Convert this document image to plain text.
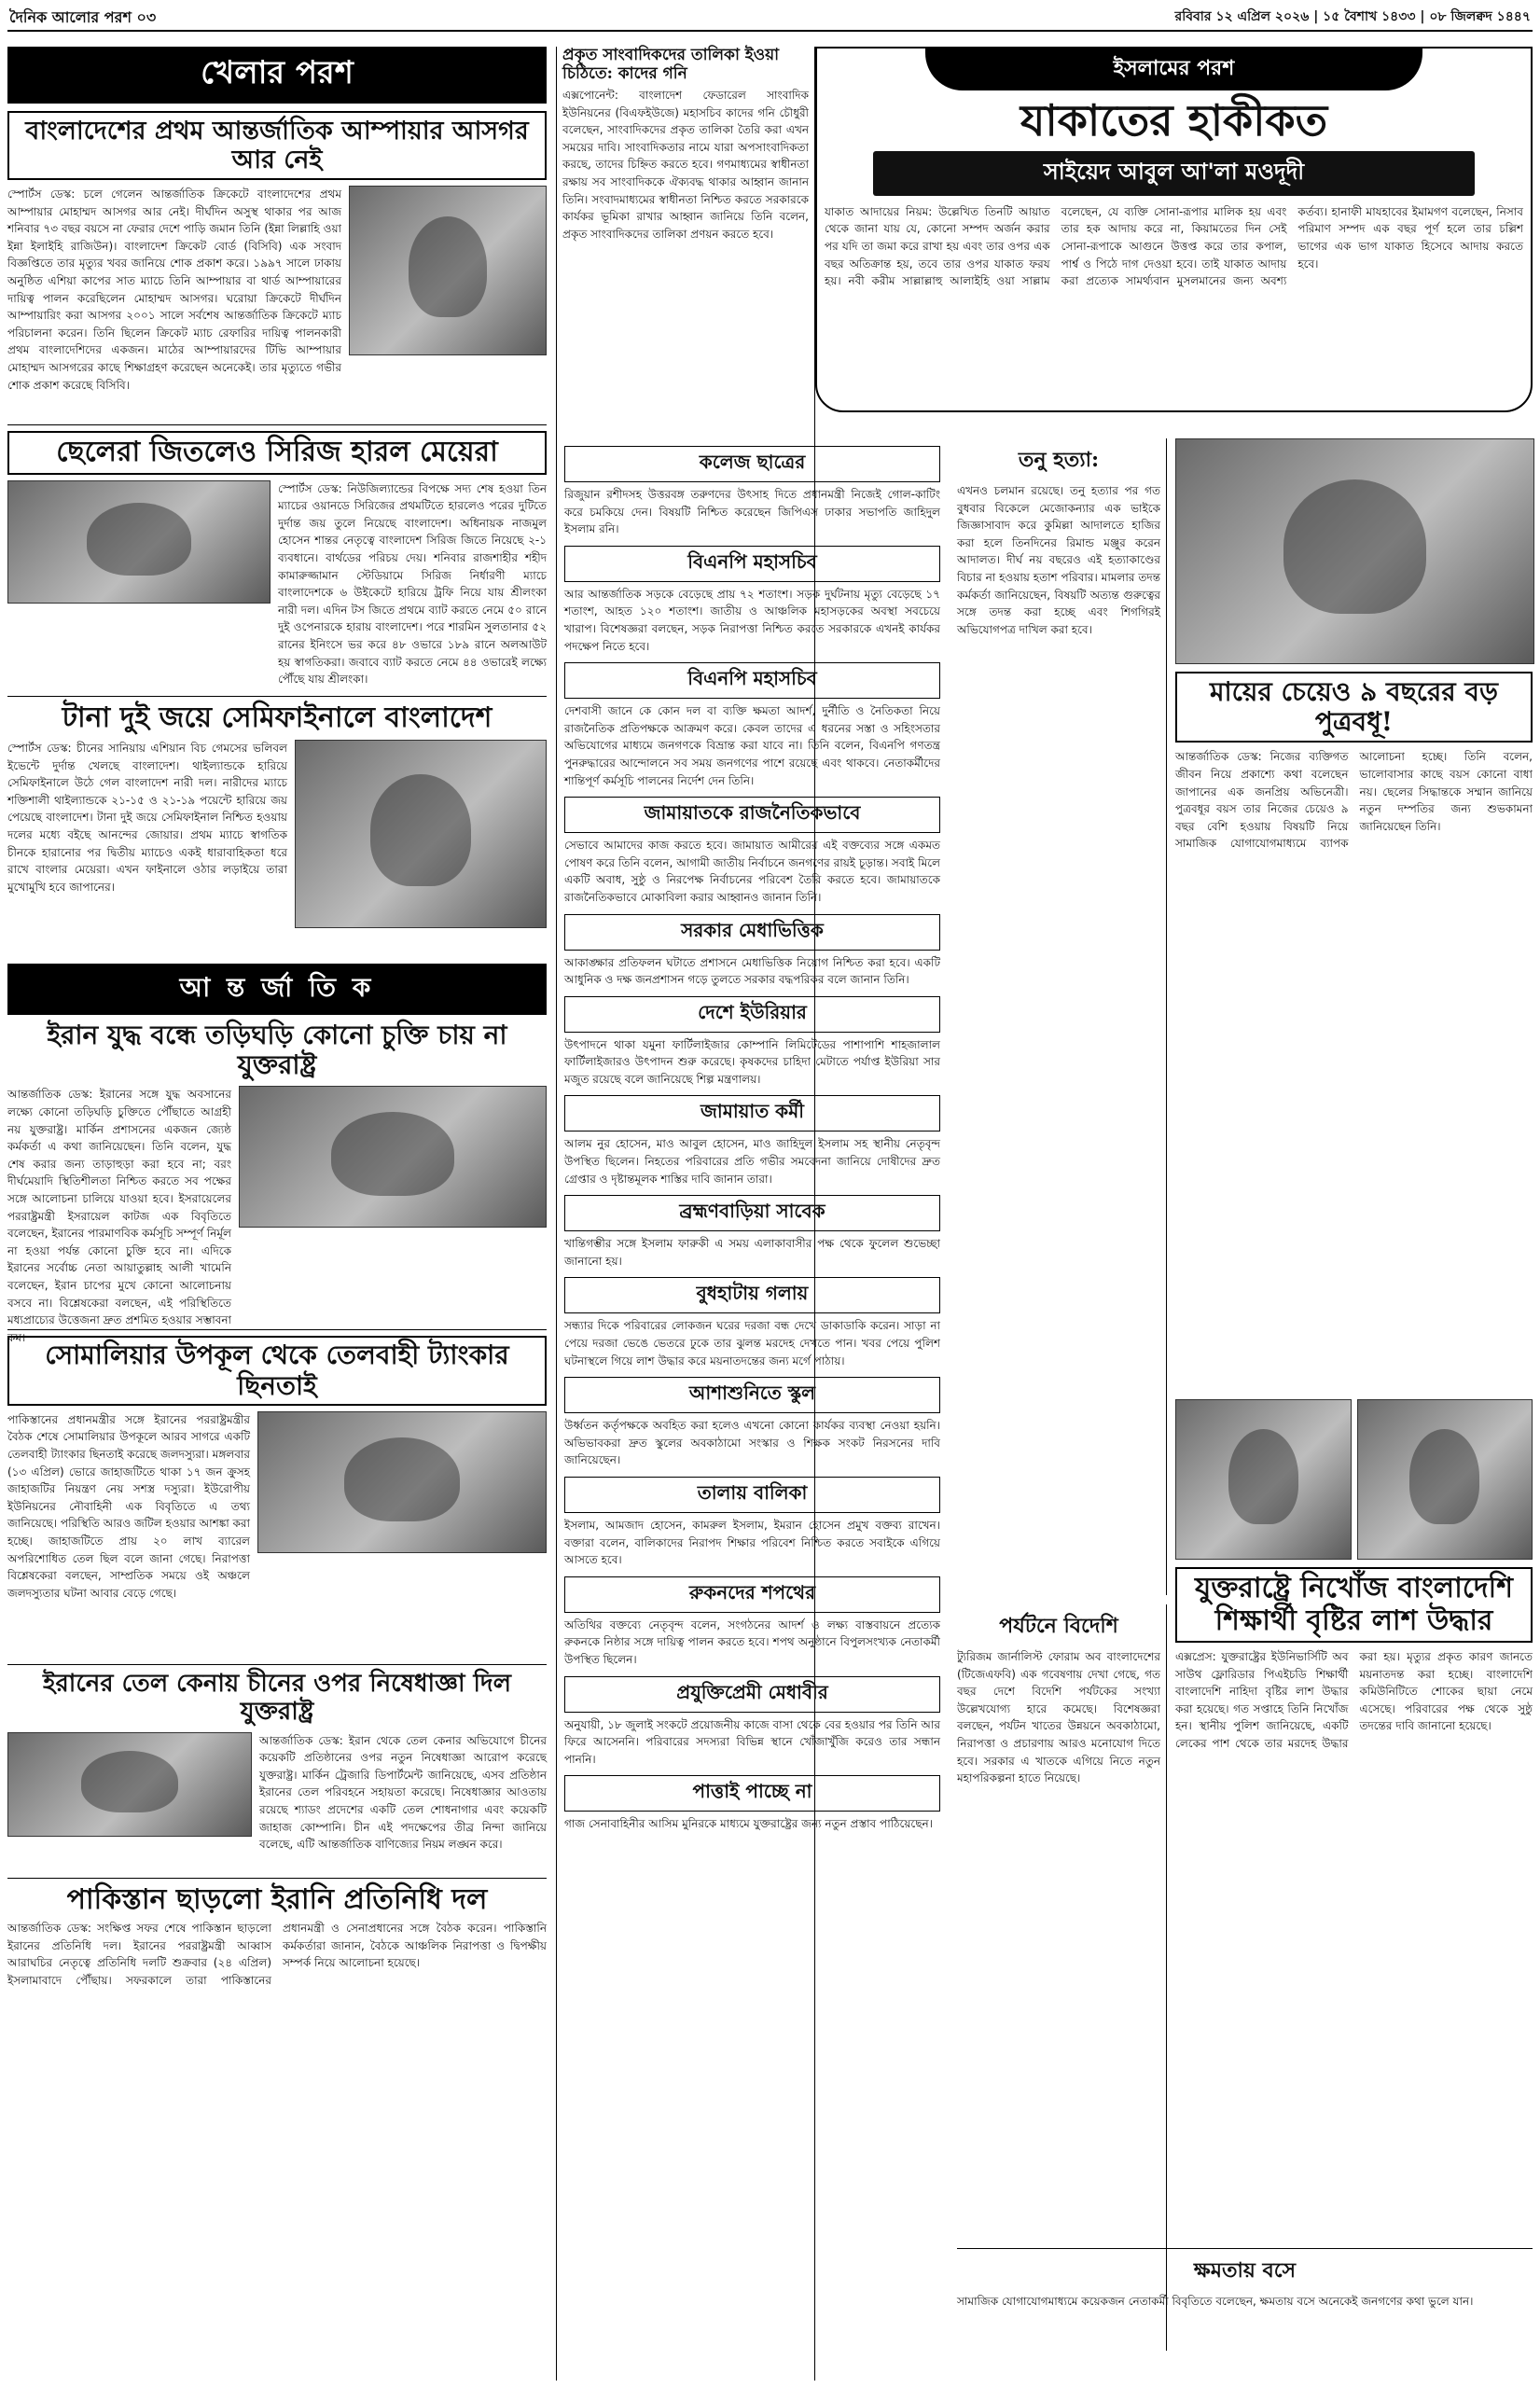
দৈনিক আলোর পরশ ০৩	রবিবার ১২ এপ্রিল ২০২৬ | ১৫ বৈশাখ ১৪৩৩ | ০৮ জিলক্বদ ১৪৪৭
খেলার পরশ
বাংলাদেশের প্রথম আন্তর্জাতিক আম্পায়ার আসগর আর নেই
স্পোর্টস ডেস্ক: চলে গেলেন আন্তর্জাতিক ক্রিকেটে বাংলাদেশের প্রথম আম্পায়ার মোহাম্মদ আসগর আর নেই। দীর্ঘদিন অসুস্থ থাকার পর আজ শনিবার ৭৩ বছর বয়সে না ফেরার দেশে পাড়ি জমান তিনি (ইন্না লিল্লাহি ওয়া ইন্না ইলাইহি রাজিউন)। বাংলাদেশ ক্রিকেট বোর্ড (বিসিবি) এক সংবাদ বিজ্ঞপ্তিতে তার মৃত্যুর খবর জানিয়ে শোক প্রকাশ করে। ১৯৯৭ সালে ঢাকায় অনুষ্ঠিত এশিয়া কাপের সাত ম্যাচে তিনি আম্পায়ার বা থার্ড আম্পায়ারের দায়িত্ব পালন করেছিলেন মোহাম্মদ আসগর। ঘরোয়া ক্রিকেটে দীর্ঘদিন আম্পায়ারিং করা আসগর ২০০১ সালে সর্বশেষ আন্তর্জাতিক ক্রিকেটে ম্যাচ পরিচালনা করেন। তিনি ছিলেন ক্রিকেট ম্যাচ রেফারির দায়িত্ব পালনকারী প্রথম বাংলাদেশিদের একজন। মাঠের আম্পায়ারদের টিভি আম্পায়ার মোহাম্মদ আসগরের কাছে শিক্ষাগ্রহণ করেছেন অনেকেই। তার মৃত্যুতে গভীর শোক প্রকাশ করেছে বিসিবি।
ছেলেরা জিতলেও সিরিজ হারল মেয়েরা
স্পোর্টস ডেস্ক: নিউজিল্যান্ডের বিপক্ষে সদ্য শেষ হওয়া তিন ম্যাচের ওয়ানডে সিরিজের প্রথমটিতে হারলেও পরের দুটিতে দুর্দান্ত জয় তুলে নিয়েছে বাংলাদেশ। অধিনায়ক নাজমুল হোসেন শান্তর নেতৃত্বে বাংলাদেশ সিরিজ জিতে নিয়েছে ২-১ ব্যবধানে। বার্থডের পরিচয় দেয়। শনিবার রাজশাহীর শহীদ কামারুজ্জামান স্টেডিয়ামে সিরিজ নির্ধারণী ম্যাচে বাংলাদেশকে ৬ উইকেটে হারিয়ে ট্রফি নিয়ে যায় শ্রীলংকা নারী দল। এদিন টস জিতে প্রথমে ব্যাট করতে নেমে ৫০ রানে দুই ওপেনারকে হারায় বাংলাদেশ। পরে শারমিন সুলতানার ৫২ রানের ইনিংসে ভর করে ৪৮ ওভারে ১৮৯ রানে অলআউট হয় স্বাগতিকরা। জবাবে ব্যাট করতে নেমে ৪৪ ওভারেই লক্ষ্যে পৌঁছে যায় শ্রীলংকা।
টানা দুই জয়ে সেমিফাইনালে বাংলাদেশ
স্পোর্টস ডেস্ক: চীনের সানিয়ায় এশিয়ান বিচ গেমসের ভলিবল ইভেন্টে দুর্দান্ত খেলছে বাংলাদেশ। থাইল্যান্ডকে হারিয়ে সেমিফাইনালে উঠে গেল বাংলাদেশ নারী দল। নারীদের ম্যাচে শক্তিশালী থাইল্যান্ডকে ২১-১৫ ও ২১-১৯ পয়েন্টে হারিয়ে জয় পেয়েছে বাংলাদেশ। টানা দুই জয়ে সেমিফাইনাল নিশ্চিত হওয়ায় দলের মধ্যে বইছে আনন্দের জোয়ার। প্রথম ম্যাচে স্বাগতিক চীনকে হারানোর পর দ্বিতীয় ম্যাচেও একই ধারাবাহিকতা ধরে রাখে বাংলার মেয়েরা। এখন ফাইনালে ওঠার লড়াইয়ে তারা মুখোমুখি হবে জাপানের।
আ ন্ত র্জা তি ক
ইরান যুদ্ধ বন্ধে তড়িঘড়ি কোনো চুক্তি চায় না যুক্তরাষ্ট্র
আন্তর্জাতিক ডেস্ক: ইরানের সঙ্গে যুদ্ধ অবসানের লক্ষ্যে কোনো তড়িঘড়ি চুক্তিতে পৌঁছাতে আগ্রহী নয় যুক্তরাষ্ট্র। মার্কিন প্রশাসনের একজন জ্যেষ্ঠ কর্মকর্তা এ কথা জানিয়েছেন। তিনি বলেন, যুদ্ধ শেষ করার জন্য তাড়াহুড়া করা হবে না; বরং দীর্ঘমেয়াদি স্থিতিশীলতা নিশ্চিত করতে সব পক্ষের সঙ্গে আলোচনা চালিয়ে যাওয়া হবে। ইসরায়েলের পররাষ্ট্রমন্ত্রী ইসরায়েল কাটজ এক বিবৃতিতে বলেছেন, ইরানের পারমাণবিক কর্মসূচি সম্পূর্ণ নির্মূল না হওয়া পর্যন্ত কোনো চুক্তি হবে না। এদিকে ইরানের সর্বোচ্চ নেতা আয়াতুল্লাহ আলী খামেনি বলেছেন, ইরান চাপের মুখে কোনো আলোচনায় বসবে না। বিশ্লেষকেরা বলছেন, এই পরিস্থিতিতে মধ্যপ্রাচ্যের উত্তেজনা দ্রুত প্রশমিত হওয়ার সম্ভাবনা কম।
সোমালিয়ার উপকূল থেকে তেলবাহী ট্যাংকার ছিনতাই
পাকিস্তানের প্রধানমন্ত্রীর সঙ্গে ইরানের পররাষ্ট্রমন্ত্রীর বৈঠক শেষে সোমালিয়ার উপকূলে আরব সাগরে একটি তেলবাহী ট্যাংকার ছিনতাই করেছে জলদস্যুরা। মঙ্গলবার (১৩ এপ্রিল) ভোরে জাহাজটিতে থাকা ১৭ জন ক্রুসহ জাহাজটির নিয়ন্ত্রণ নেয় সশস্ত্র দস্যুরা। ইউরোপীয় ইউনিয়নের নৌবাহিনী এক বিবৃতিতে এ তথ্য জানিয়েছে। পরিস্থিতি আরও জটিল হওয়ার আশঙ্কা করা হচ্ছে। জাহাজটিতে প্রায় ২০ লাখ ব্যারেল অপরিশোধিত তেল ছিল বলে জানা গেছে। নিরাপত্তা বিশ্লেষকেরা বলছেন, সাম্প্রতিক সময়ে ওই অঞ্চলে জলদস্যুতার ঘটনা আবার বেড়ে গেছে।
ইরানের তেল কেনায় চীনের ওপর নিষেধাজ্ঞা দিল যুক্তরাষ্ট্র
আন্তর্জাতিক ডেস্ক: ইরান থেকে তেল কেনার অভিযোগে চীনের কয়েকটি প্রতিষ্ঠানের ওপর নতুন নিষেধাজ্ঞা আরোপ করেছে যুক্তরাষ্ট্র। মার্কিন ট্রেজারি ডিপার্টমেন্ট জানিয়েছে, এসব প্রতিষ্ঠান ইরানের তেল পরিবহনে সহায়তা করেছে। নিষেধাজ্ঞার আওতায় রয়েছে শ্যাডং প্রদেশের একটি তেল শোধনাগার এবং কয়েকটি জাহাজ কোম্পানি। চীন এই পদক্ষেপের তীব্র নিন্দা জানিয়ে বলেছে, এটি আন্তর্জাতিক বাণিজ্যের নিয়ম লঙ্ঘন করে।
পাকিস্তান ছাড়লো ইরানি প্রতিনিধি দল
আন্তর্জাতিক ডেস্ক: সংক্ষিপ্ত সফর শেষে পাকিস্তান ছাড়লো ইরানের প্রতিনিধি দল। ইরানের পররাষ্ট্রমন্ত্রী আব্বাস আরাঘচির নেতৃত্বে প্রতিনিধি দলটি শুক্রবার (২৪ এপ্রিল) ইসলামাবাদে পৌঁছায়। সফরকালে তারা পাকিস্তানের প্রধানমন্ত্রী ও সেনাপ্রধানের সঙ্গে বৈঠক করেন। পাকিস্তানি কর্মকর্তারা জানান, বৈঠকে আঞ্চলিক নিরাপত্তা ও দ্বিপক্ষীয় সম্পর্ক নিয়ে আলোচনা হয়েছে।
প্রকৃত সাংবাদিকদের তালিকা ইওয়া চিঠিতে: কাদের গনি
এক্সপোনেন্ট: বাংলাদেশ ফেডারেল সাংবাদিক ইউনিয়নের (বিএফইউজে) মহাসচিব কাদের গনি চৌধুরী বলেছেন, সাংবাদিকদের প্রকৃত তালিকা তৈরি করা এখন সময়ের দাবি। সাংবাদিকতার নামে যারা অপসাংবাদিকতা করছে, তাদের চিহ্নিত করতে হবে। গণমাধ্যমের স্বাধীনতা রক্ষায় সব সাংবাদিককে ঐক্যবদ্ধ থাকার আহ্বান জানান তিনি। সংবাদমাধ্যমের স্বাধীনতা নিশ্চিত করতে সরকারকে কার্যকর ভূমিকা রাখার আহ্বান জানিয়ে তিনি বলেন, প্রকৃত সাংবাদিকদের তালিকা প্রণয়ন করতে হবে।
কলেজ ছাত্রের
রিজুয়ান রশীদসহ উত্তরবঙ্গ তরুণদের উৎসাহ দিতে প্রধানমন্ত্রী নিজেই গোল-কাটিং করে চমকিয়ে দেন। বিষয়টি নিশ্চিত করেছেন জিপিএস ঢাকার সভাপতি জাহিদুল ইসলাম রনি।
বিএনপি মহাসচিব
আর আন্তর্জাতিক সড়কে বেড়েছে প্রায় ৭২ শতাংশ। সড়ক দুর্ঘটনায় মৃত্যু বেড়েছে ১৭ শতাংশ, আহত ১২০ শতাংশ। জাতীয় ও আঞ্চলিক মহাসড়কের অবস্থা সবচেয়ে খারাপ। বিশেষজ্ঞরা বলছেন, সড়ক নিরাপত্তা নিশ্চিত করতে সরকারকে এখনই কার্যকর পদক্ষেপ নিতে হবে।
বিএনপি মহাসচিব
দেশবাসী জানে কে কোন দল বা ব্যক্তি ক্ষমতা আদর্শ, দুর্নীতি ও নৈতিকতা নিয়ে রাজনৈতিক প্রতিপক্ষকে আক্রমণ করে। কেবল তাদের এ ধরনের সস্তা ও সহিংসতার অভিযোগের মাধ্যমে জনগণকে বিভ্রান্ত করা যাবে না। তিনি বলেন, বিএনপি গণতন্ত্র পুনরুদ্ধারের আন্দোলনে সব সময় জনগণের পাশে রয়েছে এবং থাকবে। নেতাকর্মীদের শান্তিপূর্ণ কর্মসূচি পালনের নির্দেশ দেন তিনি।
জামায়াতকে রাজনৈতিকভাবে
সেভাবে আমাদের কাজ করতে হবে। জামায়াত আমীরের এই বক্তব্যের সঙ্গে একমত পোষণ করে তিনি বলেন, আগামী জাতীয় নির্বাচনে জনগণের রায়ই চূড়ান্ত। সবাই মিলে একটি অবাধ, সুষ্ঠু ও নিরপেক্ষ নির্বাচনের পরিবেশ তৈরি করতে হবে। জামায়াতকে রাজনৈতিকভাবে মোকাবিলা করার আহ্বানও জানান তিনি।
সরকার মেধাভিত্তিক
আকাঙ্ক্ষার প্রতিফলন ঘটাতে প্রশাসনে মেধাভিত্তিক নিয়োগ নিশ্চিত করা হবে। একটি আধুনিক ও দক্ষ জনপ্রশাসন গড়ে তুলতে সরকার বদ্ধপরিকর বলে জানান তিনি।
দেশে ইউরিয়ার
উৎপাদনে থাকা যমুনা ফার্টিলাইজার কোম্পানি লিমিটেডের পাশাপাশি শাহজালাল ফার্টিলাইজারও উৎপাদন শুরু করেছে। কৃষকদের চাহিদা মেটাতে পর্যাপ্ত ইউরিয়া সার মজুত রয়েছে বলে জানিয়েছে শিল্প মন্ত্রণালয়।
জামায়াত কর্মী
আলম নুর হোসেন, মাও আবুল হোসেন, মাও জাহিদুল ইসলাম সহ স্থানীয় নেতৃবৃন্দ উপস্থিত ছিলেন। নিহতের পরিবারের প্রতি গভীর সমবেদনা জানিয়ে দোষীদের দ্রুত গ্রেপ্তার ও দৃষ্টান্তমূলক শাস্তির দাবি জানান তারা।
ব্রহ্মণবাড়িয়া সাবেক
খান্তিগম্ভীর সঙ্গে ইসলাম ফারুকী এ সময় এলাকাবাসীর পক্ষ থেকে ফুলেল শুভেচ্ছা জানানো হয়।
বুধহাটায় গলায়
সন্ধ্যার দিকে পরিবারের লোকজন ঘরের দরজা বন্ধ দেখে ডাকাডাকি করেন। সাড়া না পেয়ে দরজা ভেঙে ভেতরে ঢুকে তার ঝুলন্ত মরদেহ দেখতে পান। খবর পেয়ে পুলিশ ঘটনাস্থলে গিয়ে লাশ উদ্ধার করে ময়নাতদন্তের জন্য মর্গে পাঠায়।
আশাশুনিতে স্কুল
উর্ধ্বতন কর্তৃপক্ষকে অবহিত করা হলেও এখনো কোনো কার্যকর ব্যবস্থা নেওয়া হয়নি। অভিভাবকরা দ্রুত স্কুলের অবকাঠামো সংস্কার ও শিক্ষক সংকট নিরসনের দাবি জানিয়েছেন।
তালায় বালিকা
ইসলাম, আমজাদ হোসেন, কামরুল ইসলাম, ইমরান হোসেন প্রমুখ বক্তব্য রাখেন। বক্তারা বলেন, বালিকাদের নিরাপদ শিক্ষার পরিবেশ নিশ্চিত করতে সবাইকে এগিয়ে আসতে হবে।
রুকনদের শপথের
অতিথির বক্তব্যে নেতৃবৃন্দ বলেন, সংগঠনের আদর্শ ও লক্ষ্য বাস্তবায়নে প্রত্যেক রুকনকে নিষ্ঠার সঙ্গে দায়িত্ব পালন করতে হবে। শপথ অনুষ্ঠানে বিপুলসংখ্যক নেতাকর্মী উপস্থিত ছিলেন।
প্রযুক্তিপ্রেমী মেধাবীর
অনুযায়ী, ১৮ জুলাই সংকটে প্রয়োজনীয় কাজে বাসা থেকে বের হওয়ার পর তিনি আর ফিরে আসেননি। পরিবারের সদস্যরা বিভিন্ন স্থানে খোঁজাখুঁজি করেও তার সন্ধান পাননি।
পাত্তাই পাচ্ছে না
গাজ সেনাবাহিনীর আসিম মুনিরকে মাধ্যমে যুক্তরাষ্ট্রের জন্য নতুন প্রস্তাব পাঠিয়েছেন।
ইসলামের পরশ
যাকাতের হাকীকত
সাইয়েদ আবুল আ'লা মওদূদী
যাকাত আদায়ের নিয়ম: উল্লেখিত তিনটি আয়াত থেকে জানা যায় যে, কোনো সম্পদ অর্জন করার পর যদি তা জমা করে রাখা হয় এবং তার ওপর এক বছর অতিক্রান্ত হয়, তবে তার ওপর যাকাত ফরয হয়। নবী করীম সাল্লাল্লাহু আলাইহি ওয়া সাল্লাম বলেছেন, যে ব্যক্তি সোনা-রূপার মালিক হয় এবং তার হক আদায় করে না, কিয়ামতের দিন সেই সোনা-রূপাকে আগুনে উত্তপ্ত করে তার কপাল, পার্শ্ব ও পিঠে দাগ দেওয়া হবে। তাই যাকাত আদায় করা প্রত্যেক সামর্থ্যবান মুসলমানের জন্য অবশ্য কর্তব্য। হানাফী মাযহাবের ইমামগণ বলেছেন, নিসাব পরিমাণ সম্পদ এক বছর পূর্ণ হলে তার চল্লিশ ভাগের এক ভাগ যাকাত হিসেবে আদায় করতে হবে।
তনু হত্যা:
এখনও চলমান রয়েছে। তনু হত্যার পর গত বুধবার বিকেলে মেজোকন্যার এক ভাইকে জিজ্ঞাসাবাদ করে কুমিল্লা আদালতে হাজির করা হলে তিনদিনের রিমান্ড মঞ্জুর করেন আদালত। দীর্ঘ নয় বছরেও এই হত্যাকাণ্ডের বিচার না হওয়ায় হতাশ পরিবার। মামলার তদন্ত কর্মকর্তা জানিয়েছেন, বিষয়টি অত্যন্ত গুরুত্বের সঙ্গে তদন্ত করা হচ্ছে এবং শিগগিরই অভিযোগপত্র দাখিল করা হবে।
মায়ের চেয়েও ৯ বছরের বড় পুত্রবধূ!
আন্তর্জাতিক ডেস্ক: নিজের ব্যক্তিগত জীবন নিয়ে প্রকাশ্যে কথা বলেছেন জাপানের এক জনপ্রিয় অভিনেত্রী। পুত্রবধূর বয়স তার নিজের চেয়েও ৯ বছর বেশি হওয়ায় বিষয়টি নিয়ে সামাজিক যোগাযোগমাধ্যমে ব্যাপক আলোচনা হচ্ছে। তিনি বলেন, ভালোবাসার কাছে বয়স কোনো বাধা নয়। ছেলের সিদ্ধান্তকে সম্মান জানিয়ে নতুন দম্পতির জন্য শুভকামনা জানিয়েছেন তিনি।
পর্যটনে বিদেশি
ট্যুরিজম জার্নালিস্ট ফোরাম অব বাংলাদেশের (টিজেএফবি) এক গবেষণায় দেখা গেছে, গত বছর দেশে বিদেশি পর্যটকের সংখ্যা উল্লেখযোগ্য হারে কমেছে। বিশেষজ্ঞরা বলছেন, পর্যটন খাতের উন্নয়নে অবকাঠামো, নিরাপত্তা ও প্রচারণায় আরও মনোযোগ দিতে হবে। সরকার এ খাতকে এগিয়ে নিতে নতুন মহাপরিকল্পনা হাতে নিয়েছে।
যুক্তরাষ্ট্রে নিখোঁজ বাংলাদেশি শিক্ষার্থী বৃষ্টির লাশ উদ্ধার
এক্সপ্রেস: যুক্তরাষ্ট্রের ইউনিভার্সিটি অব সাউথ ফ্লোরিডার পিএইচডি শিক্ষার্থী বাংলাদেশি নাহিদা বৃষ্টির লাশ উদ্ধার করা হয়েছে। গত সপ্তাহে তিনি নিখোঁজ হন। স্থানীয় পুলিশ জানিয়েছে, একটি লেকের পাশ থেকে তার মরদেহ উদ্ধার করা হয়। মৃত্যুর প্রকৃত কারণ জানতে ময়নাতদন্ত করা হচ্ছে। বাংলাদেশি কমিউনিটিতে শোকের ছায়া নেমে এসেছে। পরিবারের পক্ষ থেকে সুষ্ঠু তদন্তের দাবি জানানো হয়েছে।
ক্ষমতায় বসে
সামাজিক যোগাযোগমাধ্যমে কয়েকজন নেতাকর্মী বিবৃতিতে বলেছেন, ক্ষমতায় বসে অনেকেই জনগণের কথা ভুলে যান।
